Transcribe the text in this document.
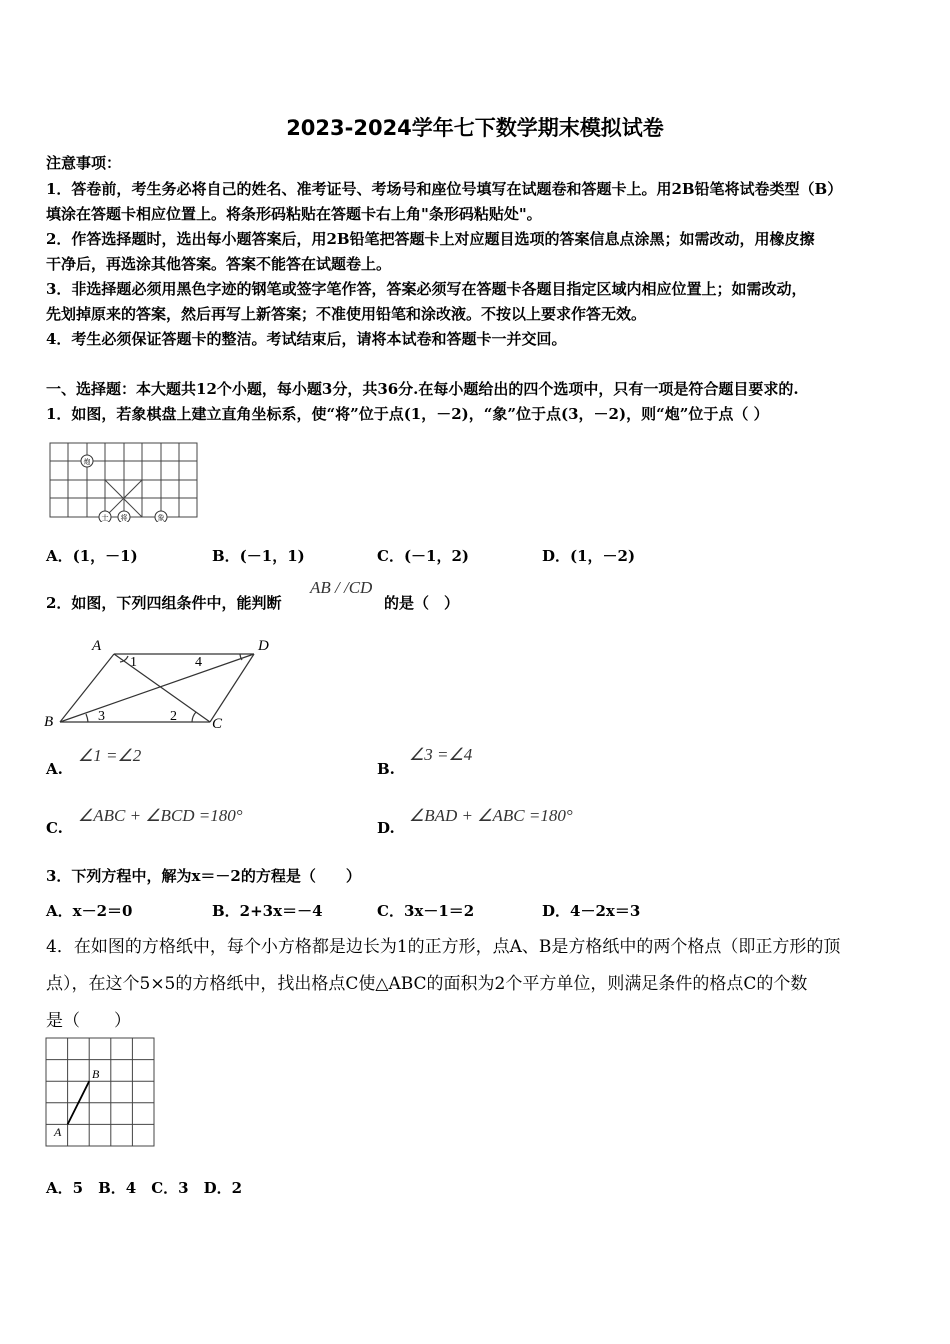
2023-2024学年七下数学期末模拟试卷
注意事项：
1．答卷前，考生务必将自己的姓名、准考证号、考场号和座位号填写在试题卷和答题卡上。用2B铅笔将试卷类型（B）
填涂在答题卡相应位置上。将条形码粘贴在答题卡右上角"条形码粘贴处"。
2．作答选择题时，选出每小题答案后，用2B铅笔把答题卡上对应题目选项的答案信息点涂黑；如需改动，用橡皮擦
干净后，再选涂其他答案。答案不能答在试题卷上。
3．非选择题必须用黑色字迹的钢笔或签字笔作答，答案必须写在答题卡各题目指定区域内相应位置上；如需改动，
先划掉原来的答案，然后再写上新答案；不准使用铅笔和涂改液。不按以上要求作答无效。
4．考生必须保证答题卡的整洁。考试结束后，请将本试卷和答题卡一并交回。
一、选择题：本大题共12个小题，每小题3分，共36分.在每小题给出的四个选项中，只有一项是符合题目要求的.
1．如图，若象棋盘上建立直角坐标系，使“将”位于点(1，－2)，“象”位于点(3，－2)，则“炮”位于点（ ）
炮
士 将	象
A．(1，－1)	B．(－1，1)	C．(－1，2)	D．(1，－2)
2．如图，下列四组条件中，能判断
AB / /CD
的是（　）
A	D
B	C
1	4
3	2
A.
∠1 =∠2
B.
∠3 =∠4
C.
∠ABC + ∠BCD =180°
D.
∠BAD + ∠ABC =180°
3．下列方程中，解为x＝－2的方程是（　　）
A．x－2＝0	B．2+3x＝－4	C．3x－1＝2	D．4－2x＝3
4．在如图的方格纸中，每个小方格都是边长为1的正方形，点A、B是方格纸中的两个格点（即正方形的顶
点），在这个5×5的方格纸中，找出格点C使△ABC的面积为2个平方单位，则满足条件的格点C的个数
是（　　）
A
B
A．5　B．4　C．3　D．2
